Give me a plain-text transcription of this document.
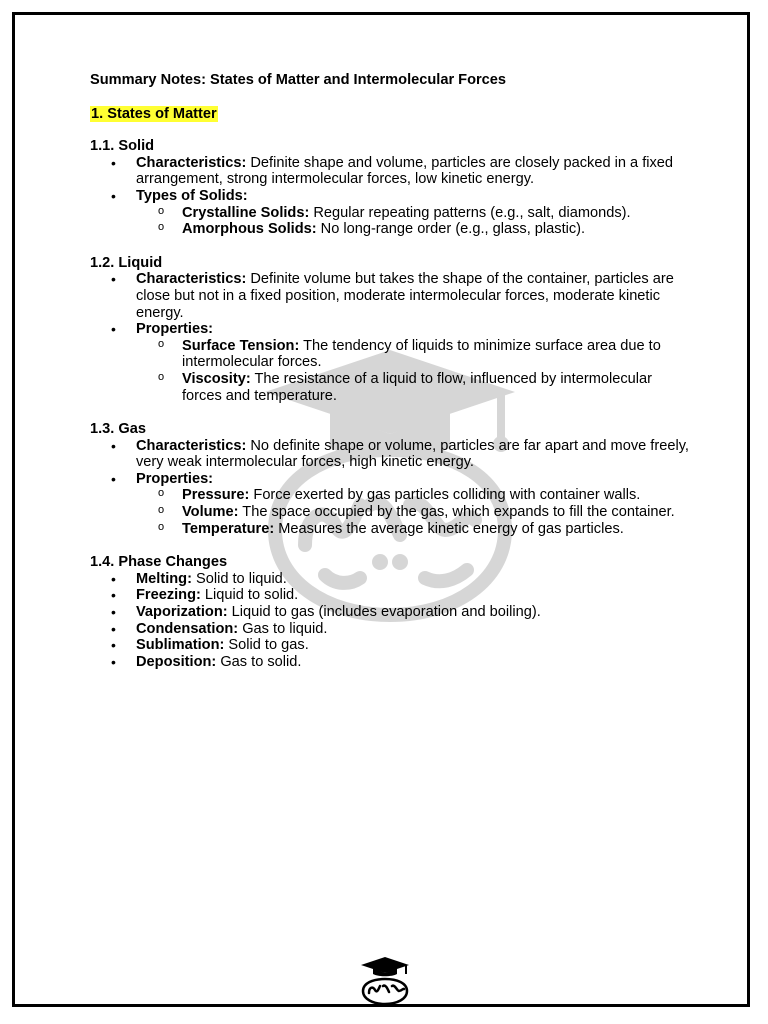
Summary Notes: States of Matter and Intermolecular Forces

1. States of Matter

1.1. Solid

• Characteristics: Definite shape and volume, particles are closely packed in a fixed arrangement, strong intermolecular forces, low kinetic energy.
• Types of Solids:
o Crystalline Solids: Regular repeating patterns (e.g., salt, diamonds).
o Amorphous Solids: No long-range order (e.g., glass, plastic).

1.2. Liquid

• Characteristics: Definite volume but takes the shape of the container, particles are close but not in a fixed position, moderate intermolecular forces, moderate kinetic energy.
• Properties:
o Surface Tension: The tendency of liquids to minimize surface area due to intermolecular forces.
o Viscosity: The resistance of a liquid to flow, influenced by intermolecular forces and temperature.

1.3. Gas

• Characteristics: No definite shape or volume, particles are far apart and move freely, very weak intermolecular forces, high kinetic energy.
• Properties:
o Pressure: Force exerted by gas particles colliding with container walls.
o Volume: The space occupied by the gas, which expands to fill the container.
o Temperature: Measures the average kinetic energy of gas particles.

1.4. Phase Changes

• Melting: Solid to liquid.
• Freezing: Liquid to solid.
• Vaporization: Liquid to gas (includes evaporation and boiling).
• Condensation: Gas to liquid.
• Sublimation: Solid to gas.
• Deposition: Gas to solid.
